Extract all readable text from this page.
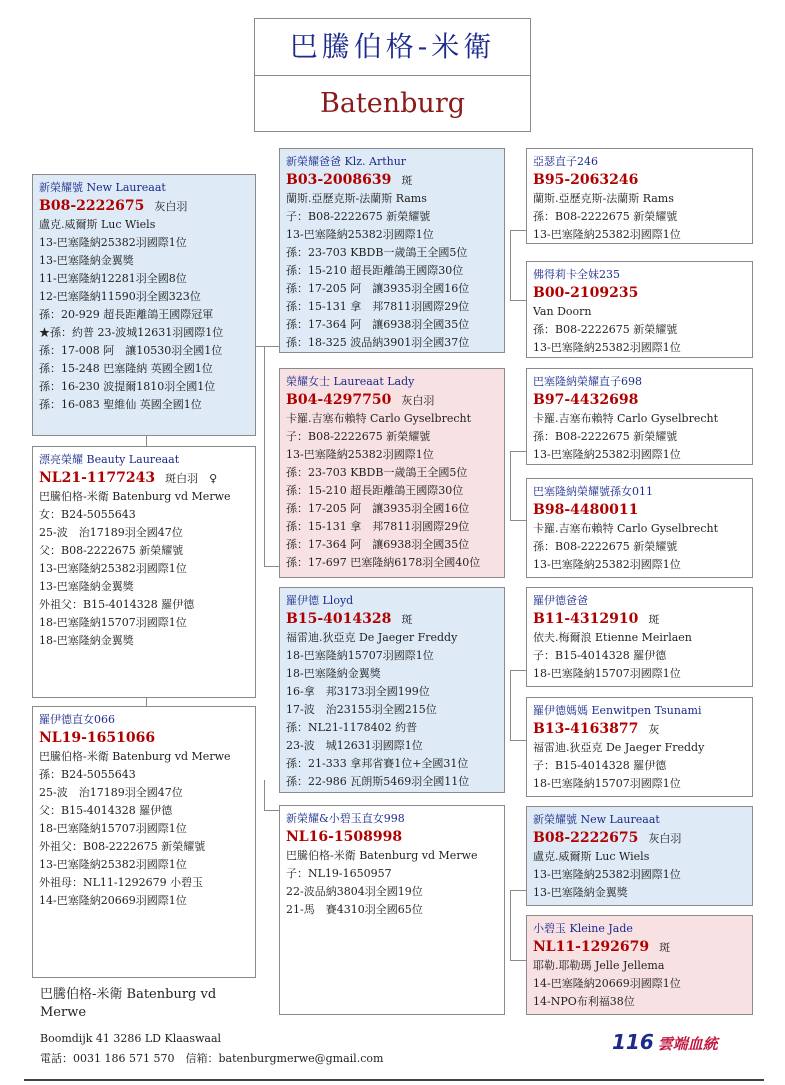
巴騰伯格-米衛
Batenburg
新榮耀號 New Laureaat
B08-2222675 灰白羽
盧克.威爾斯 Luc Wiels
13-巴塞隆納25382羽國際1位
13-巴塞隆納金翼獎
11-巴塞隆納12281羽全國8位
12-巴塞隆納11590羽全國323位
孫：20-929 超長距離鴿王國際冠軍
★孫：約普 23-波城12631羽國際1位
孫：17-008 阿　讓10530羽全國1位
孫：15-248 巴塞隆納 英國全國1位
孫：16-230 波提爾1810羽全國1位
孫：16-083 聖維仙 英國全國1位
漂亮榮耀 Beauty Laureaat
NL21-1177243 斑白羽　♀
巴騰伯格-米衛 Batenburg vd Merwe
女：B24-5055643
25-波　治17189羽全國47位
父：B08-2222675 新榮耀號
13-巴塞隆納25382羽國際1位
13-巴塞隆納金翼獎
外祖父：B15-4014328 羅伊德
18-巴塞隆納15707羽國際1位
18-巴塞隆納金翼獎
羅伊德直女066
NL19-1651066
巴騰伯格-米衛 Batenburg vd Merwe
孫：B24-5055643
25-波　治17189羽全國47位
父：B15-4014328 羅伊德
18-巴塞隆納15707羽國際1位
外祖父：B08-2222675 新榮耀號
13-巴塞隆納25382羽國際1位
外祖母：NL11-1292679 小碧玉
14-巴塞隆納20669羽國際1位
新榮耀爸爸 Klz. Arthur
B03-2008639 斑
蘭斯.亞歷克斯-法蘭斯 Rams
子：B08-2222675 新榮耀號
13-巴塞隆納25382羽國際1位
孫：23-703 KBDB一歲鴿王全國5位
孫：15-210 超長距離鴿王國際30位
孫：17-205 阿　讓3935羽全國16位
孫：15-131 拿　邦7811羽國際29位
孫：17-364 阿　讓6938羽全國35位
孫：18-325 波品納3901羽全國37位
榮耀女士 Laureaat Lady
B04-4297750 灰白羽
卡羅.吉塞布賴特 Carlo Gyselbrecht
子：B08-2222675 新榮耀號
13-巴塞隆納25382羽國際1位
孫：23-703 KBDB一歲鴿王全國5位
孫：15-210 超長距離鴿王國際30位
孫：17-205 阿　讓3935羽全國16位
孫：15-131 拿　邦7811羽國際29位
孫：17-364 阿　讓6938羽全國35位
孫：17-697 巴塞隆納6178羽全國40位
羅伊德 Lloyd
B15-4014328 斑
福雷迪.狄亞克 De Jaeger Freddy
18-巴塞隆納15707羽國際1位
18-巴塞隆納金翼獎
16-拿　邦3173羽全國199位
17-波　治23155羽全國215位
孫：NL21-1178402 約普
23-波　城12631羽國際1位
孫：21-333 拿邦省賽1位+全國31位
孫：22-986 瓦朗斯5469羽全國11位
新榮耀&小碧玉直女998
NL16-1508998
巴騰伯格-米衛 Batenburg vd Merwe
子：NL19-1650957
22-波品納3804羽全國19位
21-馬　賽4310羽全國65位
亞瑟直子246
B95-2063246
蘭斯.亞歷克斯-法蘭斯 Rams
孫：B08-2222675 新榮耀號
13-巴塞隆納25382羽國際1位
佛得莉卡全妹235
B00-2109235
Van Doorn
孫：B08-2222675 新榮耀號
13-巴塞隆納25382羽國際1位
巴塞隆納榮耀直子698
B97-4432698
卡羅.吉塞布賴特 Carlo Gyselbrecht
孫：B08-2222675 新榮耀號
13-巴塞隆納25382羽國際1位
巴塞隆納榮耀號孫女011
B98-4480011
卡羅.吉塞布賴特 Carlo Gyselbrecht
孫：B08-2222675 新榮耀號
13-巴塞隆納25382羽國際1位
羅伊德爸爸
B11-4312910 斑
依夫.梅爾浪 Etienne Meirlaen
子：B15-4014328 羅伊德
18-巴塞隆納15707羽國際1位
羅伊德媽媽 Eenwitpen Tsunami
B13-4163877 灰
福雷迪.狄亞克 De Jaeger Freddy
子：B15-4014328 羅伊德
18-巴塞隆納15707羽國際1位
新榮耀號 New Laureaat
B08-2222675 灰白羽
盧克.威爾斯 Luc Wiels
13-巴塞隆納25382羽國際1位
13-巴塞隆納金翼獎
小碧玉 Kleine Jade
NL11-1292679 斑
耶勒.耶勒瑪 Jelle Jellema
14-巴塞隆納20669羽國際1位
14-NPO布利福38位
巴騰伯格-米衛 Batenburg vd Merwe
Boomdijk 41 3286 LD Klaaswaal
電話：0031 186 571 570　信箱：batenburgmerwe@gmail.com
116 雲端血統
